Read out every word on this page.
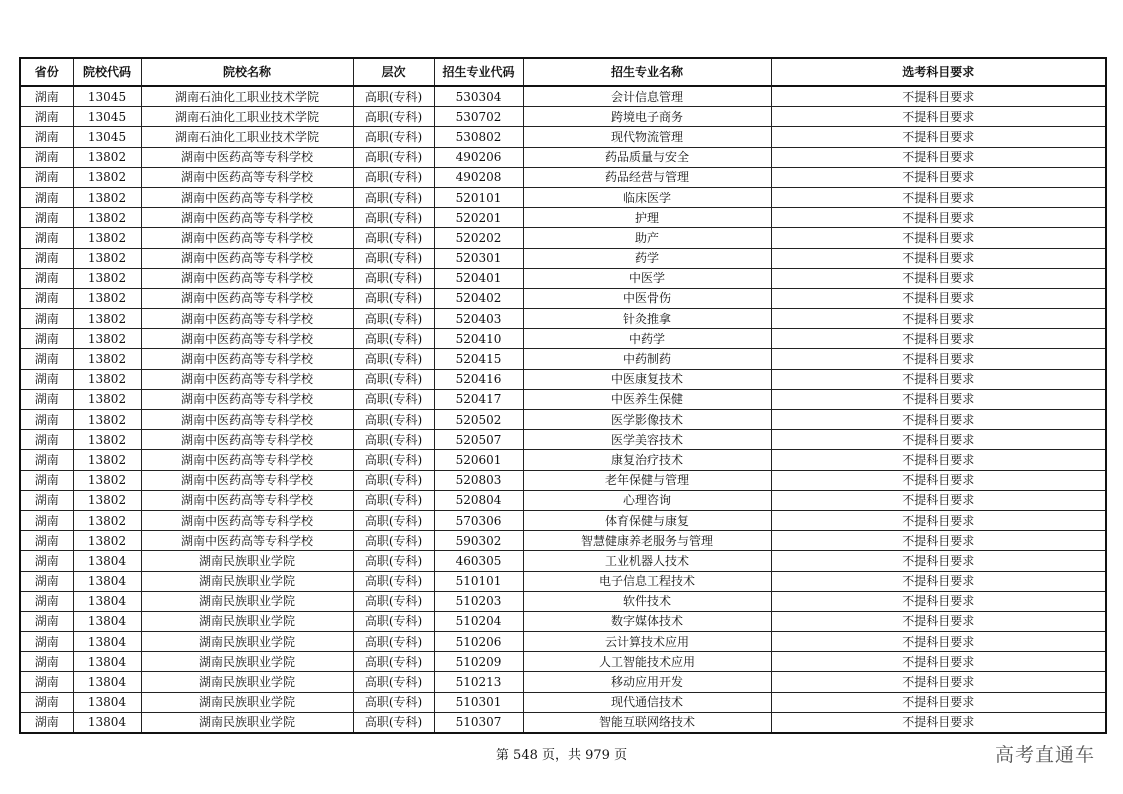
省份	院校代码	院校名称	层次	招生专业代码	招生专业名称	选考科目要求
湖南	13045	湖南石油化工职业技术学院	高职(专科)	530304	会计信息管理	不提科目要求
湖南	13045	湖南石油化工职业技术学院	高职(专科)	530702	跨境电子商务	不提科目要求
湖南	13045	湖南石油化工职业技术学院	高职(专科)	530802	现代物流管理	不提科目要求
湖南	13802	湖南中医药高等专科学校	高职(专科)	490206	药品质量与安全	不提科目要求
湖南	13802	湖南中医药高等专科学校	高职(专科)	490208	药品经营与管理	不提科目要求
湖南	13802	湖南中医药高等专科学校	高职(专科)	520101	临床医学	不提科目要求
湖南	13802	湖南中医药高等专科学校	高职(专科)	520201	护理	不提科目要求
湖南	13802	湖南中医药高等专科学校	高职(专科)	520202	助产	不提科目要求
湖南	13802	湖南中医药高等专科学校	高职(专科)	520301	药学	不提科目要求
湖南	13802	湖南中医药高等专科学校	高职(专科)	520401	中医学	不提科目要求
湖南	13802	湖南中医药高等专科学校	高职(专科)	520402	中医骨伤	不提科目要求
湖南	13802	湖南中医药高等专科学校	高职(专科)	520403	针灸推拿	不提科目要求
湖南	13802	湖南中医药高等专科学校	高职(专科)	520410	中药学	不提科目要求
湖南	13802	湖南中医药高等专科学校	高职(专科)	520415	中药制药	不提科目要求
湖南	13802	湖南中医药高等专科学校	高职(专科)	520416	中医康复技术	不提科目要求
湖南	13802	湖南中医药高等专科学校	高职(专科)	520417	中医养生保健	不提科目要求
湖南	13802	湖南中医药高等专科学校	高职(专科)	520502	医学影像技术	不提科目要求
湖南	13802	湖南中医药高等专科学校	高职(专科)	520507	医学美容技术	不提科目要求
湖南	13802	湖南中医药高等专科学校	高职(专科)	520601	康复治疗技术	不提科目要求
湖南	13802	湖南中医药高等专科学校	高职(专科)	520803	老年保健与管理	不提科目要求
湖南	13802	湖南中医药高等专科学校	高职(专科)	520804	心理咨询	不提科目要求
湖南	13802	湖南中医药高等专科学校	高职(专科)	570306	体育保健与康复	不提科目要求
湖南	13802	湖南中医药高等专科学校	高职(专科)	590302	智慧健康养老服务与管理	不提科目要求
湖南	13804	湖南民族职业学院	高职(专科)	460305	工业机器人技术	不提科目要求
湖南	13804	湖南民族职业学院	高职(专科)	510101	电子信息工程技术	不提科目要求
湖南	13804	湖南民族职业学院	高职(专科)	510203	软件技术	不提科目要求
湖南	13804	湖南民族职业学院	高职(专科)	510204	数字媒体技术	不提科目要求
湖南	13804	湖南民族职业学院	高职(专科)	510206	云计算技术应用	不提科目要求
湖南	13804	湖南民族职业学院	高职(专科)	510209	人工智能技术应用	不提科目要求
湖南	13804	湖南民族职业学院	高职(专科)	510213	移动应用开发	不提科目要求
湖南	13804	湖南民族职业学院	高职(专科)	510301	现代通信技术	不提科目要求
湖南	13804	湖南民族职业学院	高职(专科)	510307	智能互联网络技术	不提科目要求
第 548 页，共 979 页	高考直通车
